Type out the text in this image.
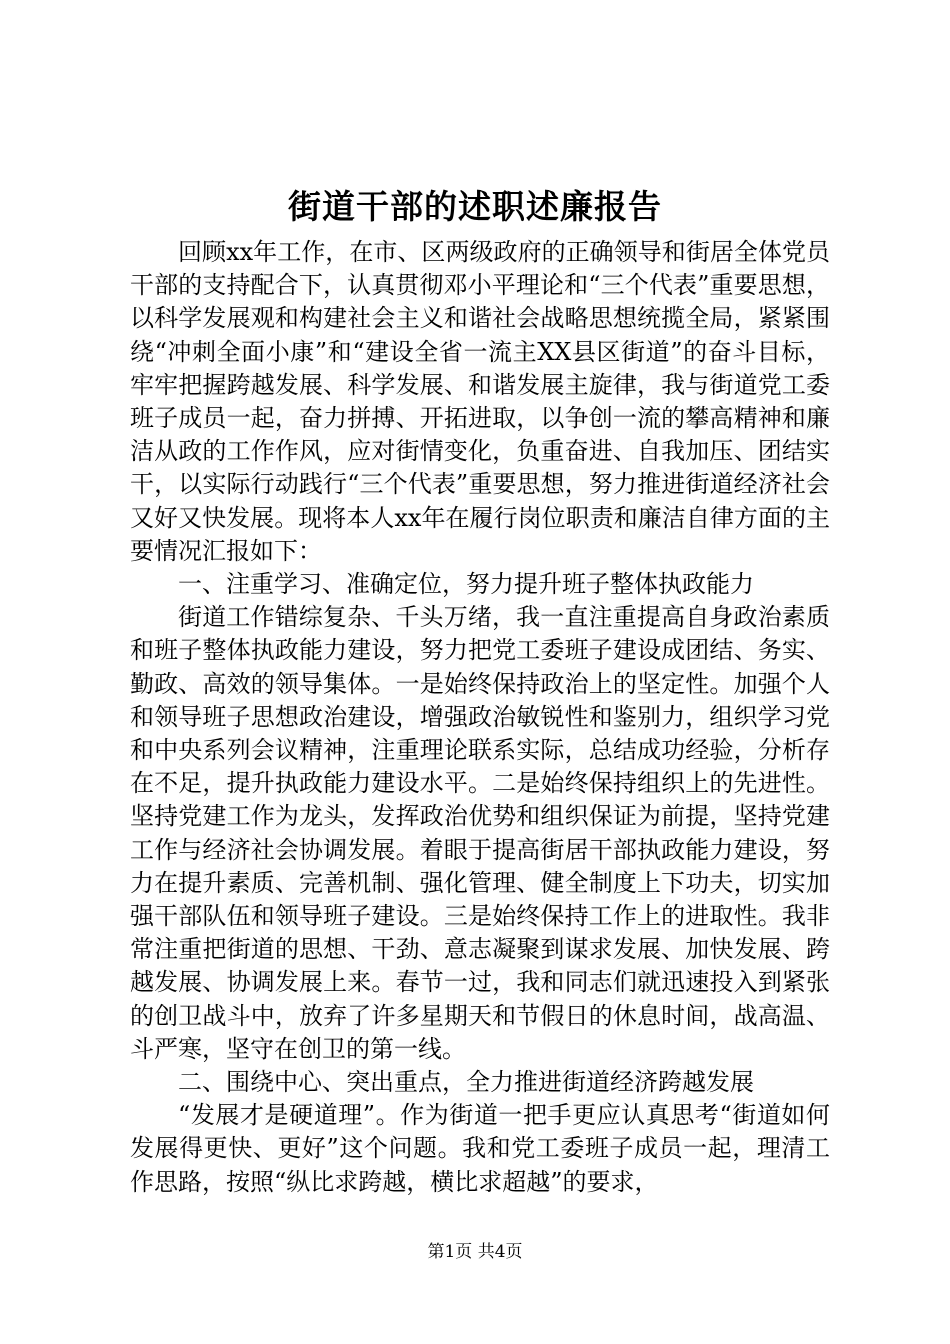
街道干部的述职述廉报告

回顾xx年工作，在市、区两级政府的正确领导和街居全体党员干部的支持配合下，认真贯彻邓小平理论和“三个代表”重要思想，以科学发展观和构建社会主义和谐社会战略思想统揽全局，紧紧围绕“冲刺全面小康”和“建设全省一流主XX县区街道”的奋斗目标，牢牢把握跨越发展、科学发展、和谐发展主旋律，我与街道党工委班子成员一起，奋力拼搏、开拓进取，以争创一流的攀高精神和廉洁从政的工作作风，应对街情变化，负重奋进、自我加压、团结实干，以实际行动践行“三个代表”重要思想，努力推进街道经济社会又好又快发展。现将本人xx年在履行岗位职责和廉洁自律方面的主要情况汇报如下：

一、注重学习、准确定位，努力提升班子整体执政能力

街道工作错综复杂、千头万绪，我一直注重提高自身政治素质和班子整体执政能力建设，努力把党工委班子建设成团结、务实、勤政、高效的领导集体。一是始终保持政治上的坚定性。加强个人和领导班子思想政治建设，增强政治敏锐性和鉴别力，组织学习党和中央系列会议精神，注重理论联系实际，总结成功经验，分析存在不足，提升执政能力建设水平。二是始终保持组织上的先进性。坚持党建工作为龙头，发挥政治优势和组织保证为前提，坚持党建工作与经济社会协调发展。着眼于提高街居干部执政能力建设，努力在提升素质、完善机制、强化管理、健全制度上下功夫，切实加强干部队伍和领导班子建设。三是始终保持工作上的进取性。我非常注重把街道的思想、干劲、意志凝聚到谋求发展、加快发展、跨越发展、协调发展上来。春节一过，我和同志们就迅速投入到紧张的创卫战斗中，放弃了许多星期天和节假日的休息时间，战高温、斗严寒，坚守在创卫的第一线。

二、围绕中心、突出重点，全力推进街道经济跨越发展

“发展才是硬道理”。作为街道一把手更应认真思考“街道如何发展得更快、更好”这个问题。我和党工委班子成员一起，理清工作思路，按照“纵比求跨越，横比求超越”的要求，

第1页 共4页
